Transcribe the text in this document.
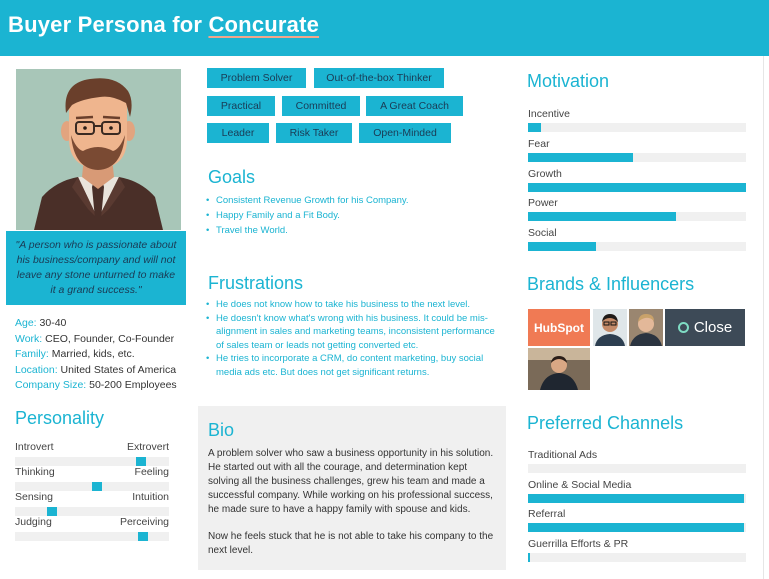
Buyer Persona for Concurate
"A person who is passionate about his business/company and will not leave any stone unturned to make it a grand success."
Age: 30-40
Work: CEO, Founder, Co-Founder
Family: Married, kids, etc.
Location: United States of America
Company Size: 50-200 Employees
Personality
Introvert	Extrovert
Thinking	Feeling
Sensing	Intuition
Judging	Perceiving
Problem Solver	Out-of-the-box Thinker
Practical	Committed	A Great Coach
Leader	Risk Taker	Open-Minded
Goals
• Consistent Revenue Growth for his Company.
• Happy Family and a Fit Body.
• Travel the World.
Frustrations
• He does not know how to take his business to the next level.
• He doesn't know what's wrong with his business. It could be mis-alignment in sales and marketing teams, inconsistent performance of sales team or leads not getting converted etc.
• He tries to incorporate a CRM, do content marketing, buy social media ads etc. But does not get significant returns.
Bio

A problem solver who saw a business opportunity in his solution. He started out with all the courage, and determination kept solving all the business challenges, grew his team and made a successful company. While working on his professional success, he made sure to have a happy family with spouse and kids.

Now he feels stuck that he is not able to take his company to the next level.

Motivation
Incentive
Fear
Growth
Power
Social
Brands & Influencers
HubSpot	Close
Preferred Channels
Traditional Ads
Online & Social Media
Referral
Guerrilla Efforts & PR
